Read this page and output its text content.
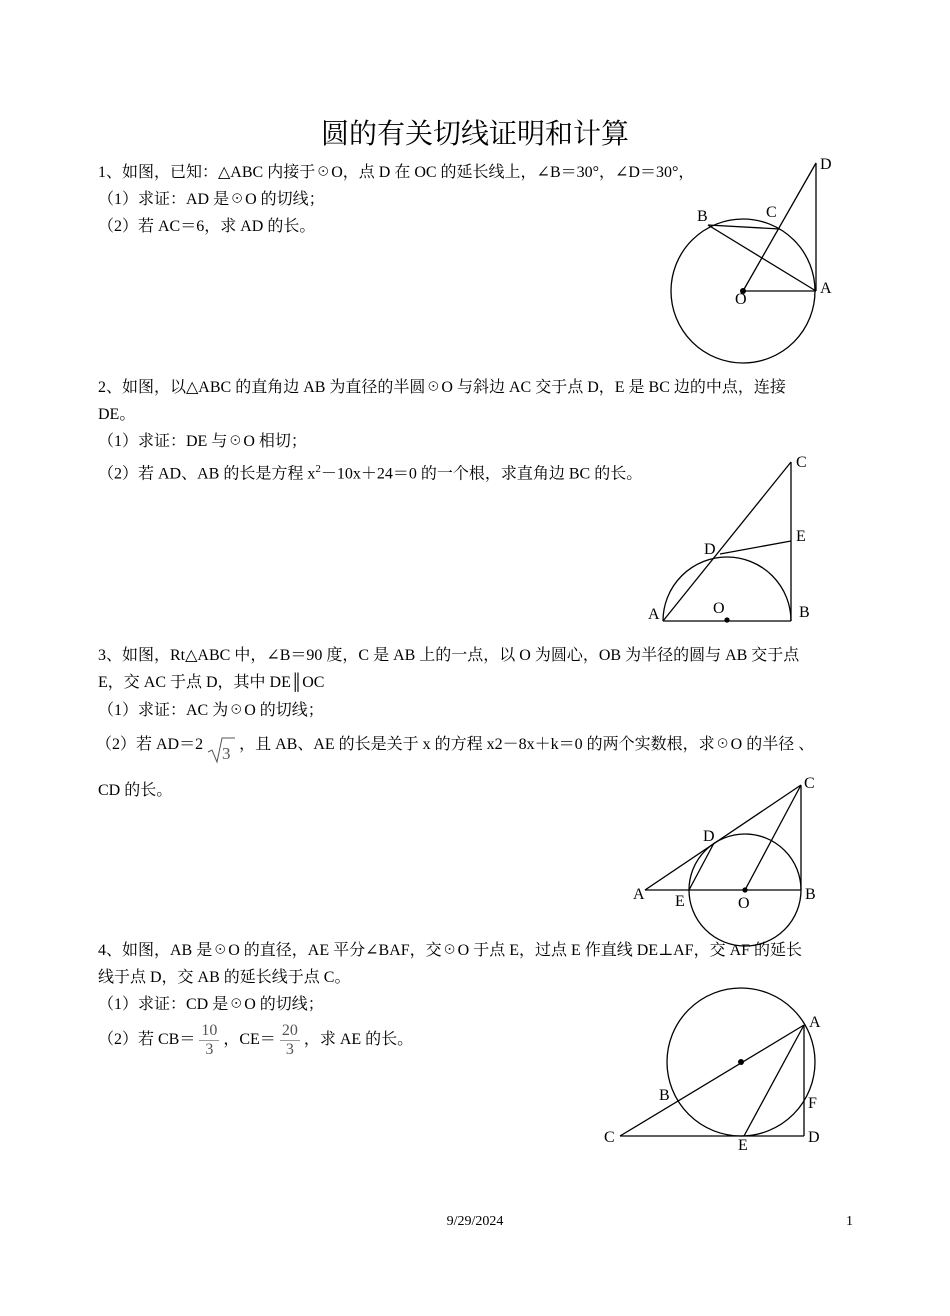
圆的有关切线证明和计算
1、如图，已知：△ABC 内接于☉O，点 D 在 OC 的延长线上，∠B＝30°，∠D＝30°，
（1）求证：AD 是☉O 的切线；
（2）若 AC＝6，求 AD 的长。
D
B	C
A
O
2、如图，以△ABC 的直角边 AB 为直径的半圆☉O 与斜边 AC 交于点 D，E 是 BC 边的中点，连接
DE。
（1）求证：DE 与☉O 相切；
（2）若 AD、AB 的长是方程 $x^2-10x+24=0$ 的一个根，求直角边 BC 的长。
C
E
D
A	O	B
3、如图，Rt△ABC 中，∠B＝90 度，C 是 AB 上的一点，以 O 为圆心，OB 为半径的圆与 AB 交于点
E，交 AC 于点 D，其中 DE║OC
（1）求证：AC 为☉O 的切线；
（2）若 AD＝2 3 ，且 AB、AE 的长是关于 x 的方程 x2－8x＋k＝0 的两个实数根，求☉O 的半径 、
CD 的长。	C
D
A E	O
B
4、如图，AB 是☉O 的直径，AE 平分∠BAF，交☉O 于点 E，过点 E 作直线 DE⊥AF，交 AF 的延长
线于点 D，交 AB 的延长线于点 C。
（1）求证：CD 是☉O 的切线；
（2）若 $CB= \frac{10}{3}$ ，$CE= \frac{20}{3}$ ，求 AE 的长。
A
B	F
C	E	D
9/29/2024	1
